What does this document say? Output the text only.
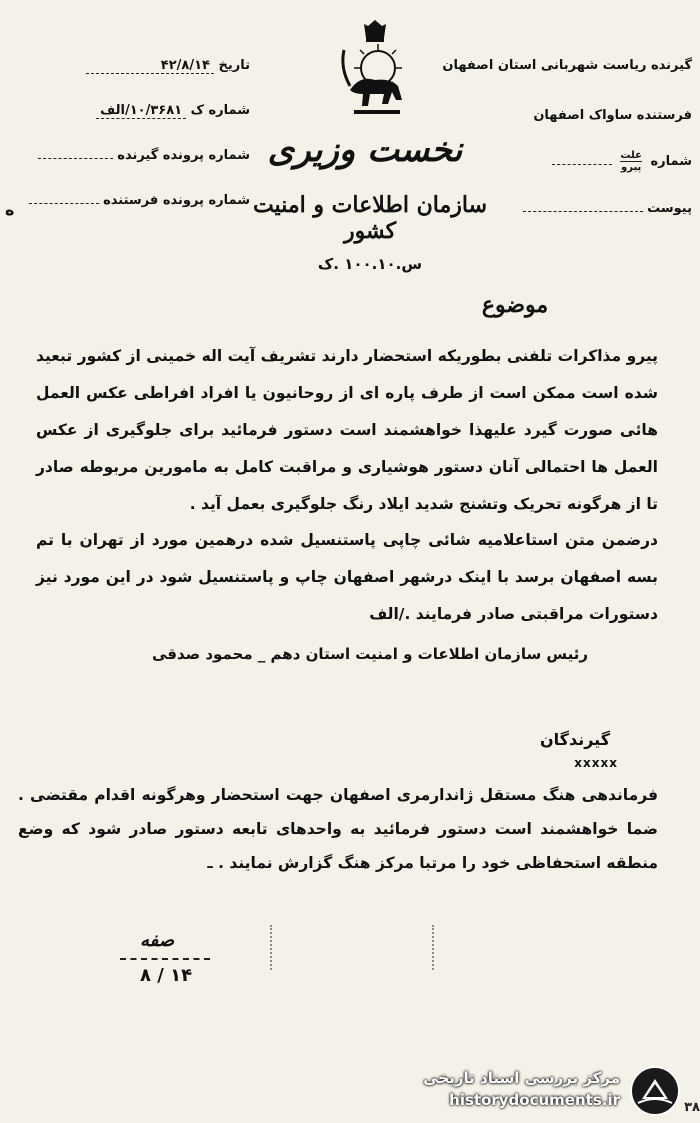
گیرنده ریاست شهربانی استان اصفهان
فرستنده ساواک اصفهان
شماره
علت
پیرو

پیوست
تاریخ ۴۲/۸/۱۴
شماره ک ۱۰/۳۶۸۱/الف
شماره پرونده گیرنده
شماره پرونده فرستنده
نخست وزیری
سازمان اطلاعات و امنیت کشور
س.۱۰۰.۱۰ .ک
موضوع
پیرو مذاکرات تلفنی بطوریکه استحضار دارند تشریف آیت اله خمینی از کشور تبعید شده است ممکن است از طرف پاره ای از روحانیون یا افراد افراطی عکس العمل هائی صورت گیرد علیهذا خواهشمند است دستور فرمائید برای جلوگیری از عکس العمل ها احتمالی آنان دستور هوشیاری و مراقبت کامل به مامورین مربوطه صادر تا از هرگونه تحریک وتشنج شدید ایلاد رنگ جلوگیری بعمل آید .
درضمن متن استاعلامیه شائی چاپی پاستنسیل شده درهمین مورد از تهران با تم بسه اصفهان برسد با اینک درشهر اصفهان چاپ و پاستنسیل شود در این مورد نیز دستورات مراقبتی صادر فرمایند ./الف
رئیس سازمان اطلاعات و امنیت استان دهم _ محمود صدقی
گیرندگان
xxxxx
فرماندهی هنگ مستقل ژاندارمری اصفهان جهت استحضار وهرگونه اقدام مقتضی . ضما خواهشمند است دستور فرمائید به واحدهای تابعه دستور صادر شود که وضع منطقه استحفاظی خود را مرتبا مرکز هنگ گزارش نمایند . ـ
صفه
۸ / ۱۴
ه
مرکز بررسی اسناد تاریخی
historydocuments.ir	۳۸
